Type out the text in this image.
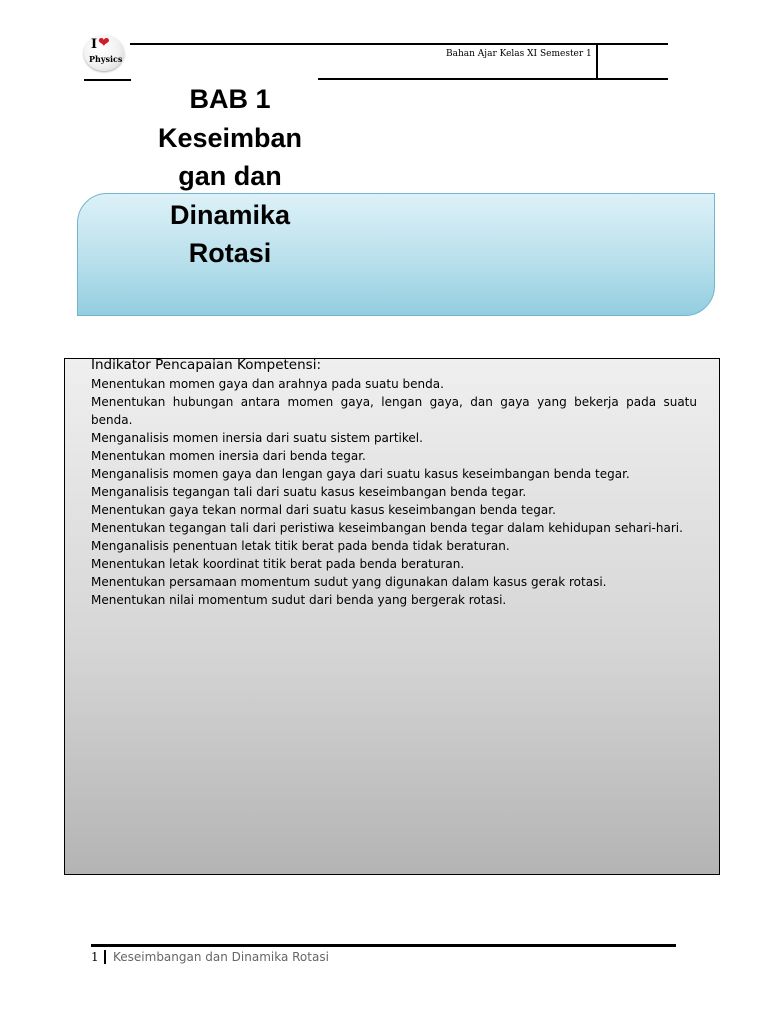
I ❤
Physics	Bahan Ajar Kelas XI Semester 1
BAB 1
Keseimban
gan dan
Dinamika
Rotasi
Indikator Pencapaian Kompetensi:
Menentukan momen gaya dan arahnya pada suatu benda.
Menentukan hubungan antara momen gaya, lengan gaya, dan gaya yang bekerja pada suatu benda.
Menganalisis momen inersia dari suatu sistem partikel.
Menentukan momen inersia dari benda tegar.
Menganalisis momen gaya dan lengan gaya dari suatu kasus keseimbangan benda tegar.
Menganalisis tegangan tali dari suatu kasus keseimbangan benda tegar.
Menentukan gaya tekan normal dari suatu kasus keseimbangan benda tegar.
Menentukan tegangan tali dari peristiwa keseimbangan benda tegar dalam kehidupan sehari-hari.
Menganalisis penentuan letak titik berat pada benda tidak beraturan.
Menentukan letak koordinat titik berat pada benda beraturan.
Menentukan persamaan momentum sudut yang digunakan dalam kasus gerak rotasi.
Menentukan nilai momentum sudut dari benda yang bergerak rotasi.
1 Keseimbangan dan Dinamika Rotasi
